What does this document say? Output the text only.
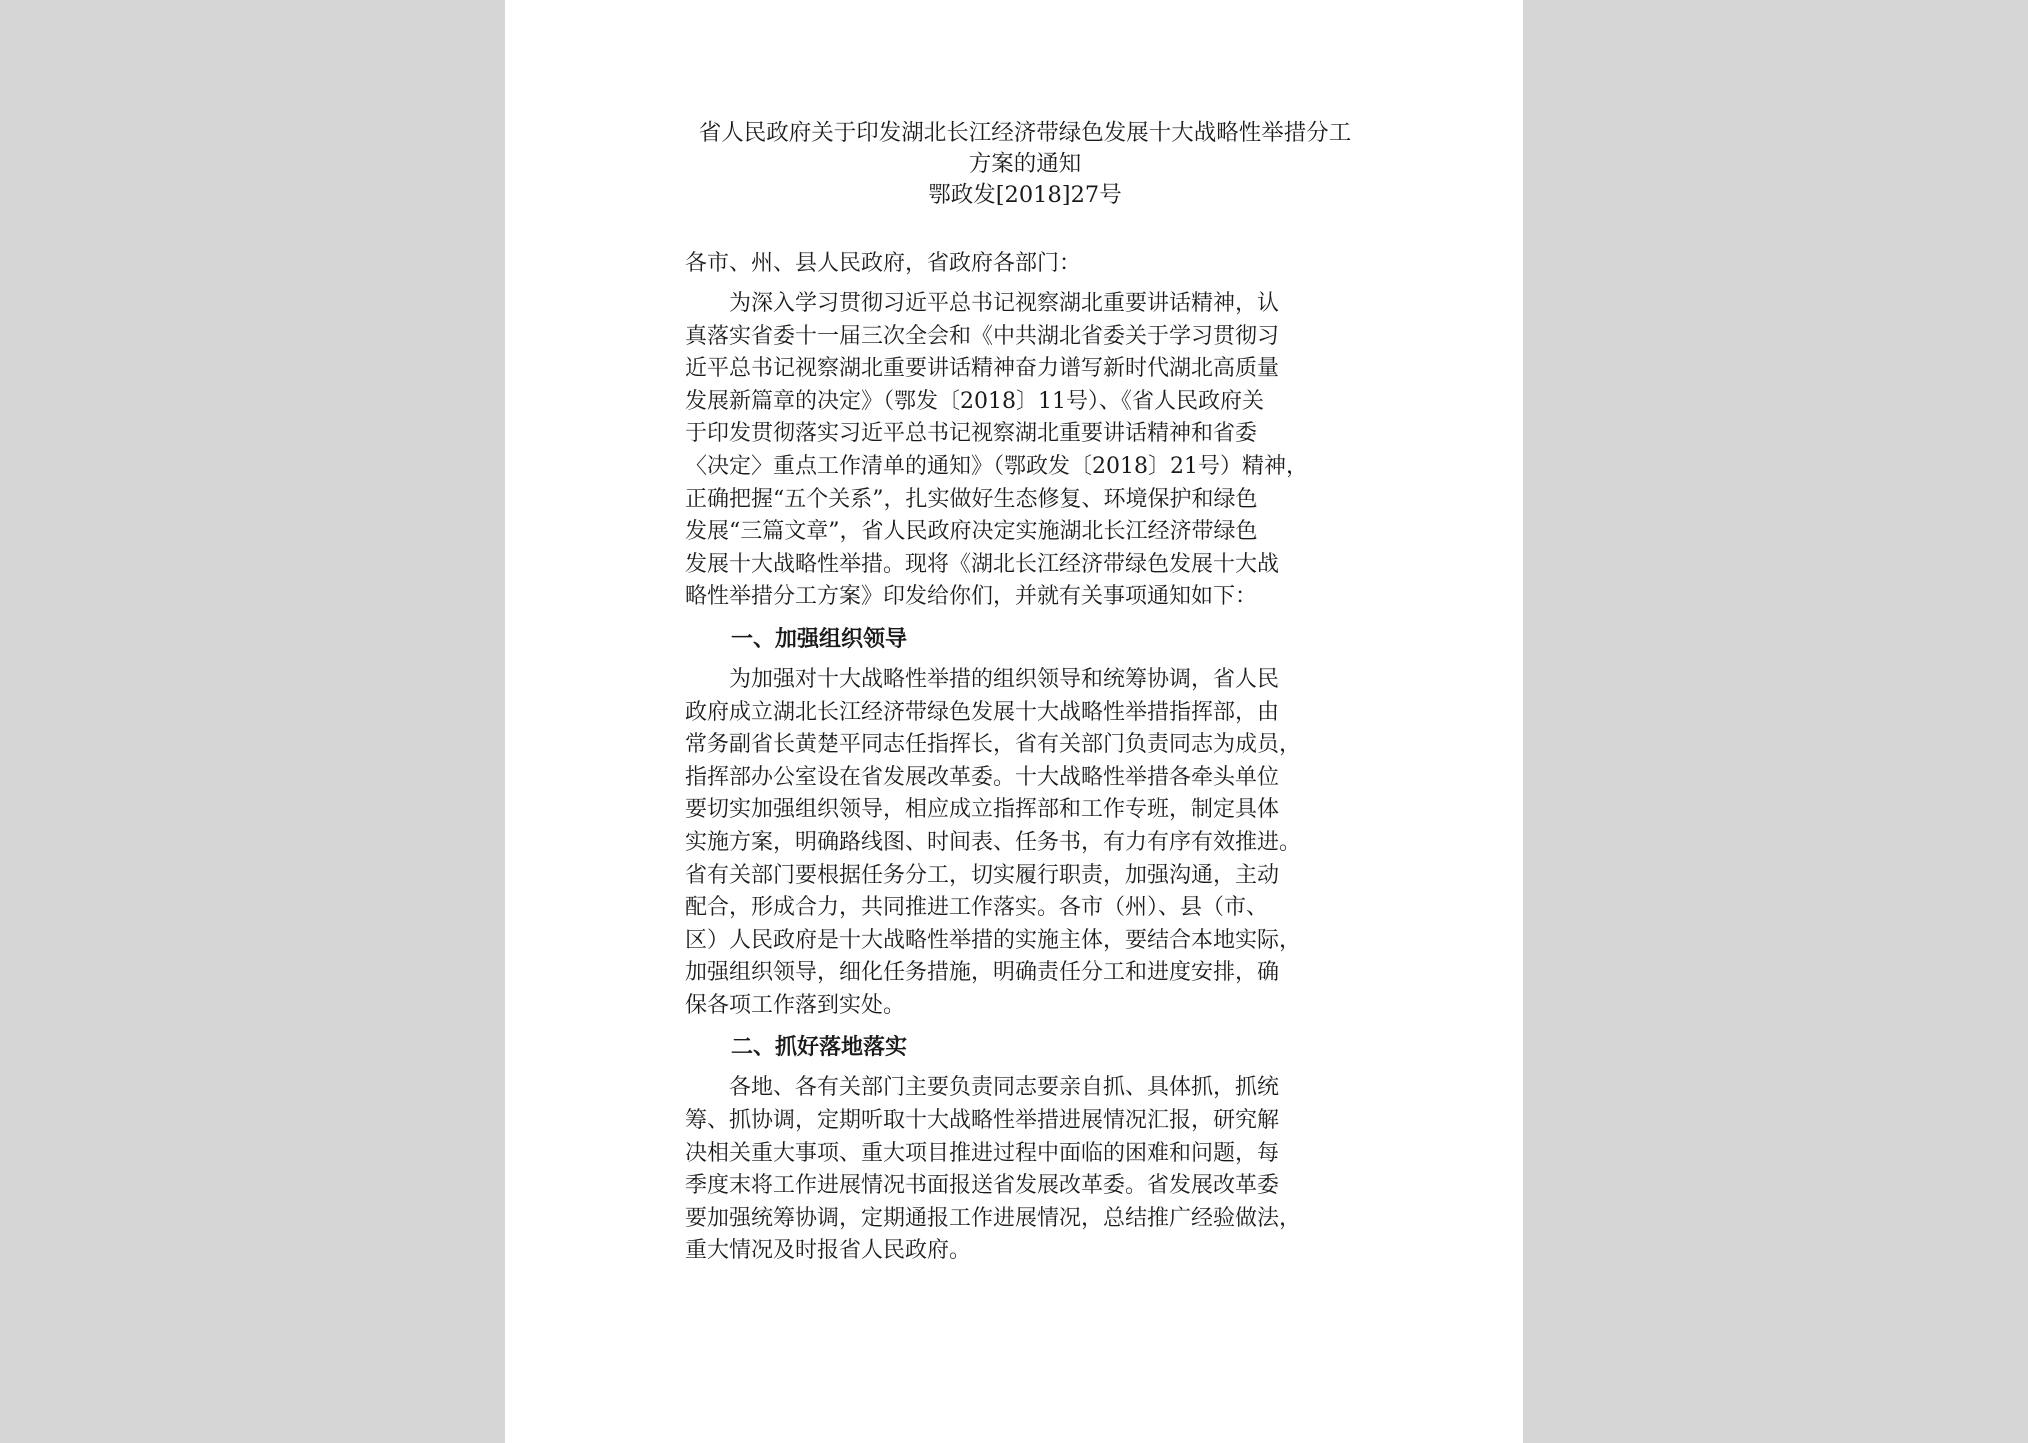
省人民政府关于印发湖北长江经济带绿色发展十大战略性举措分工
方案的通知
鄂政发[2018]27号
各市、州、县人民政府，省政府各部门：
为深入学习贯彻习近平总书记视察湖北重要讲话精神，认
真落实省委十一届三次全会和《中共湖北省委关于学习贯彻习
近平总书记视察湖北重要讲话精神奋力谱写新时代湖北高质量
发展新篇章的决定》（鄂发〔2018〕11号）、《省人民政府关
于印发贯彻落实习近平总书记视察湖北重要讲话精神和省委
〈决定〉重点工作清单的通知》（鄂政发〔2018〕21号）精神，
正确把握“五个关系”，扎实做好生态修复、环境保护和绿色
发展“三篇文章”，省人民政府决定实施湖北长江经济带绿色
发展十大战略性举措。现将《湖北长江经济带绿色发展十大战
略性举措分工方案》印发给你们，并就有关事项通知如下：
一、加强组织领导
为加强对十大战略性举措的组织领导和统筹协调，省人民
政府成立湖北长江经济带绿色发展十大战略性举措指挥部，由
常务副省长黄楚平同志任指挥长，省有关部门负责同志为成员，
指挥部办公室设在省发展改革委。十大战略性举措各牵头单位
要切实加强组织领导，相应成立指挥部和工作专班，制定具体
实施方案，明确路线图、时间表、任务书，有力有序有效推进。
省有关部门要根据任务分工，切实履行职责，加强沟通，主动
配合，形成合力，共同推进工作落实。各市（州）、县（市、
区）人民政府是十大战略性举措的实施主体，要结合本地实际，
加强组织领导，细化任务措施，明确责任分工和进度安排，确
保各项工作落到实处。
二、抓好落地落实
各地、各有关部门主要负责同志要亲自抓、具体抓，抓统
筹、抓协调，定期听取十大战略性举措进展情况汇报，研究解
决相关重大事项、重大项目推进过程中面临的困难和问题，每
季度末将工作进展情况书面报送省发展改革委。省发展改革委
要加强统筹协调，定期通报工作进展情况，总结推广经验做法，
重大情况及时报省人民政府。
